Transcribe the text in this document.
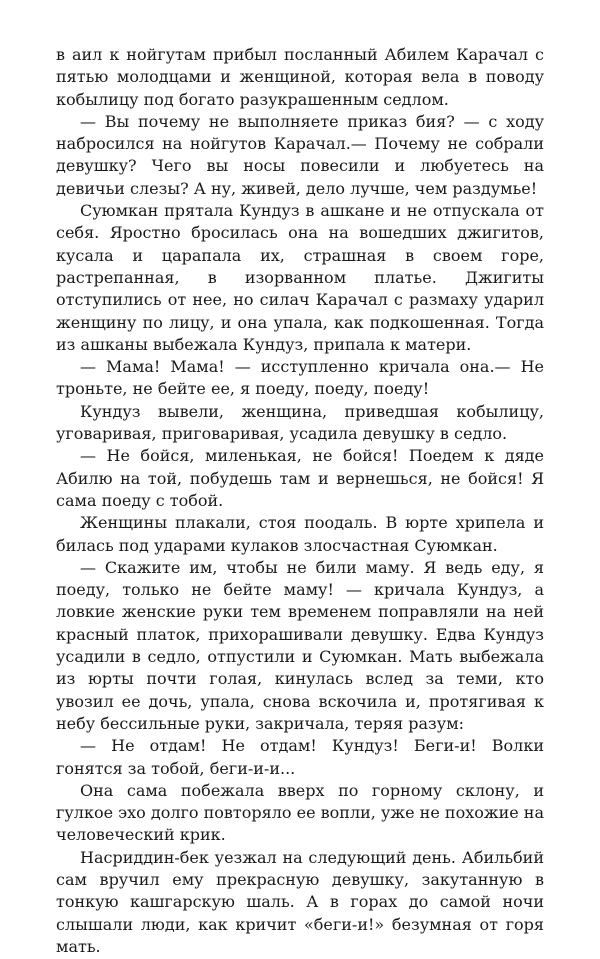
в аил к нойгутам прибыл посланный Абилем Карачал с пятью молодцами и женщиной, которая вела в поводу кобылицу под богато разукрашенным седлом.

— Вы почему не выполняете приказ бия? — с ходу набросился на нойгутов Карачал.— Почему не собрали девушку? Чего вы носы повесили и любуетесь на девичьи слезы? А ну, живей, дело лучше, чем раздумье!

Суюмкан прятала Кундуз в ашкане и не отпускала от себя. Яростно бросилась она на вошедших джигитов, кусала и царапала их, страшная в своем горе, растрепанная, в изорванном платье. Джигиты отступились от нее, но силач Карачал с размаху ударил женщину по лицу, и она упала, как подкошенная. Тогда из ашканы выбежала Кундуз, припала к матери.

— Мама! Мама! — исступленно кричала она.— Не троньте, не бейте ее, я поеду, поеду, поеду!

Кундуз вывели, женщина, приведшая кобылицу, уговаривая, приговаривая, усадила девушку в седло.

— Не бойся, миленькая, не бойся! Поедем к дяде Абилю на той, побудешь там и вернешься, не бойся! Я сама поеду с тобой.

Женщины плакали, стоя поодаль. В юрте хрипела и билась под ударами кулаков злосчастная Суюмкан.

— Скажите им, чтобы не били маму. Я ведь еду, я поеду, только не бейте маму! — кричала Кундуз, а ловкие женские руки тем временем поправляли на ней красный платок, прихорашивали девушку. Едва Кундуз усадили в седло, отпустили и Суюмкан. Мать выбежала из юрты почти голая, кинулась вслед за теми, кто увозил ее дочь, упала, снова вскочила и, протягивая к небу бессильные руки, закричала, теряя разум:

— Не отдам! Не отдам! Кундуз! Беги-и! Волки гонятся за тобой, беги-и-и...

Она сама побежала вверх по горному склону, и гулкое эхо долго повторяло ее вопли, уже не похожие на человеческий крик.

Насриддин-бек уезжал на следующий день. Абильбий сам вручил ему прекрасную девушку, закутанную в тонкую кашгарскую шаль. А в горах до самой ночи слышали люди, как кричит «беги-и!» безумная от горя мать.
